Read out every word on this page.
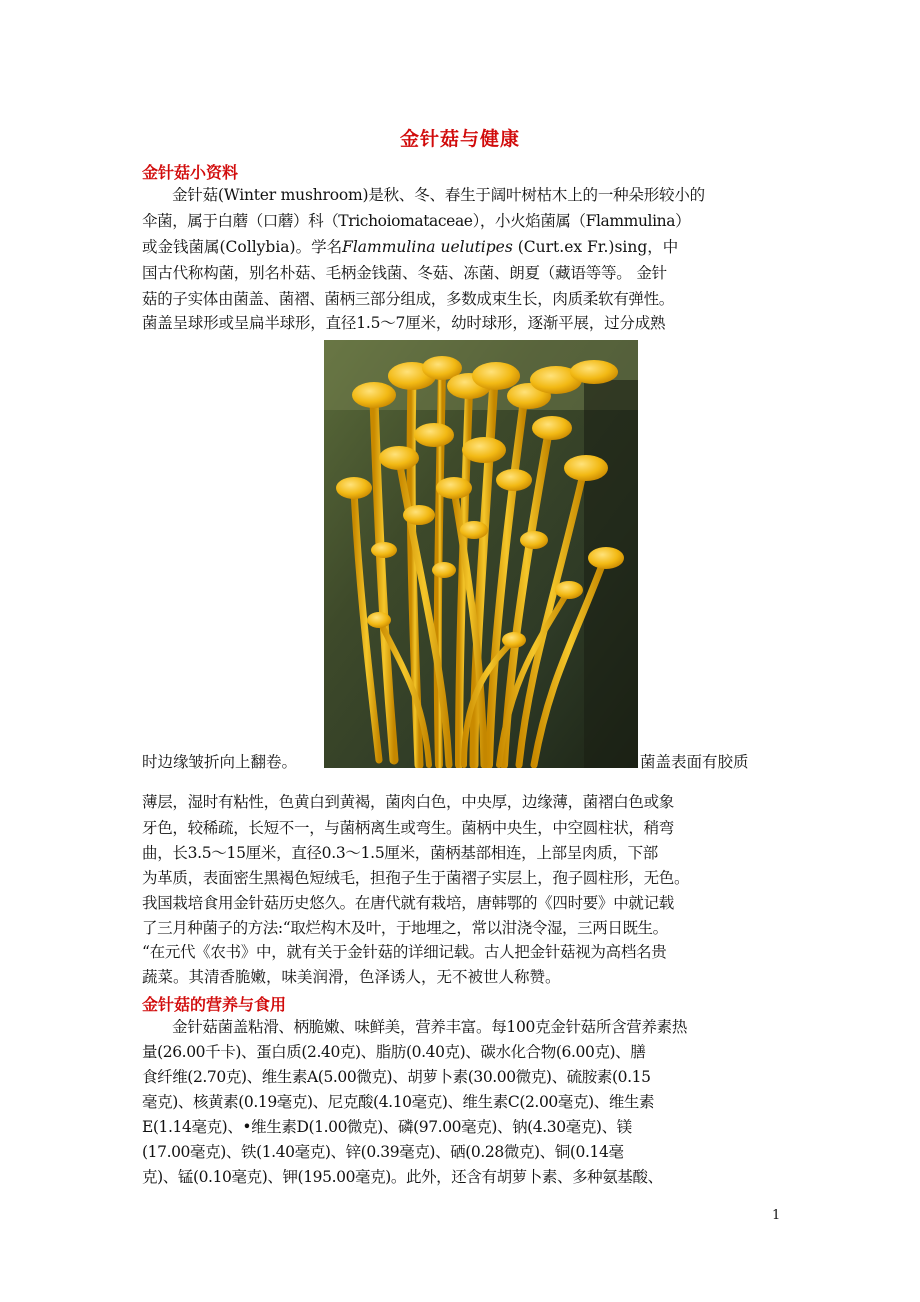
金针菇与健康
金针菇小资料
金针菇(Winter mushroom)是秋、冬、春生于阔叶树枯木上的一种朵形较小的
伞菌，属于白蘑（口蘑）科（Trichoiomataceae），小火焰菌属（Flammulina）
或金钱菌属(Collybia)。学名Flammulina uelutipes (Curt.ex Fr.)sing，中
国古代称构菌，别名朴菇、毛柄金钱菌、冬菇、冻菌、朗夏（藏语等等。 金针
菇的子实体由菌盖、菌褶、菌柄三部分组成，多数成束生长，肉质柔软有弹性。
菌盖呈球形或呈扁半球形，直径1.5～7厘米，幼时球形，逐渐平展，过分成熟
时边缘皱折向上翻卷。	菌盖表面有胶质
薄层，湿时有粘性，色黄白到黄褐，菌肉白色，中央厚，边缘薄，菌褶白色或象
牙色，较稀疏，长短不一，与菌柄离生或弯生。菌柄中央生，中空圆柱状，稍弯
曲，长3.5～15厘米，直径0.3～1.5厘米，菌柄基部相连，上部呈肉质，下部
为革质，表面密生黑褐色短绒毛，担孢子生于菌褶子实层上，孢子圆柱形，无色。
我国栽培食用金针菇历史悠久。在唐代就有栽培，唐韩鄂的《四时要》中就记载
了三月种菌子的方法:“取烂构木及叶，于地埋之，常以泔浇令湿，三两日既生。
“在元代《农书》中，就有关于金针菇的详细记载。古人把金针菇视为高档名贵
蔬菜。其清香脆嫩，味美润滑，色泽诱人，无不被世人称赞。
金针菇的营养与食用
金针菇菌盖粘滑、柄脆嫩、味鲜美，营养丰富。每100克金针菇所含营养素热
量(26.00千卡)、蛋白质(2.40克)、脂肪(0.40克)、碳水化合物(6.00克)、膳
食纤维(2.70克)、维生素A(5.00微克)、胡萝卜素(30.00微克)、硫胺素(0.15
毫克)、核黄素(0.19毫克)、尼克酸(4.10毫克)、维生素C(2.00毫克)、维生素
E(1.14毫克)、•维生素D(1.00微克)、磷(97.00毫克)、钠(4.30毫克)、镁
(17.00毫克)、铁(1.40毫克)、锌(0.39毫克)、硒(0.28微克)、铜(0.14毫
克)、锰(0.10毫克)、钾(195.00毫克)。此外，还含有胡萝卜素、多种氨基酸、
1
